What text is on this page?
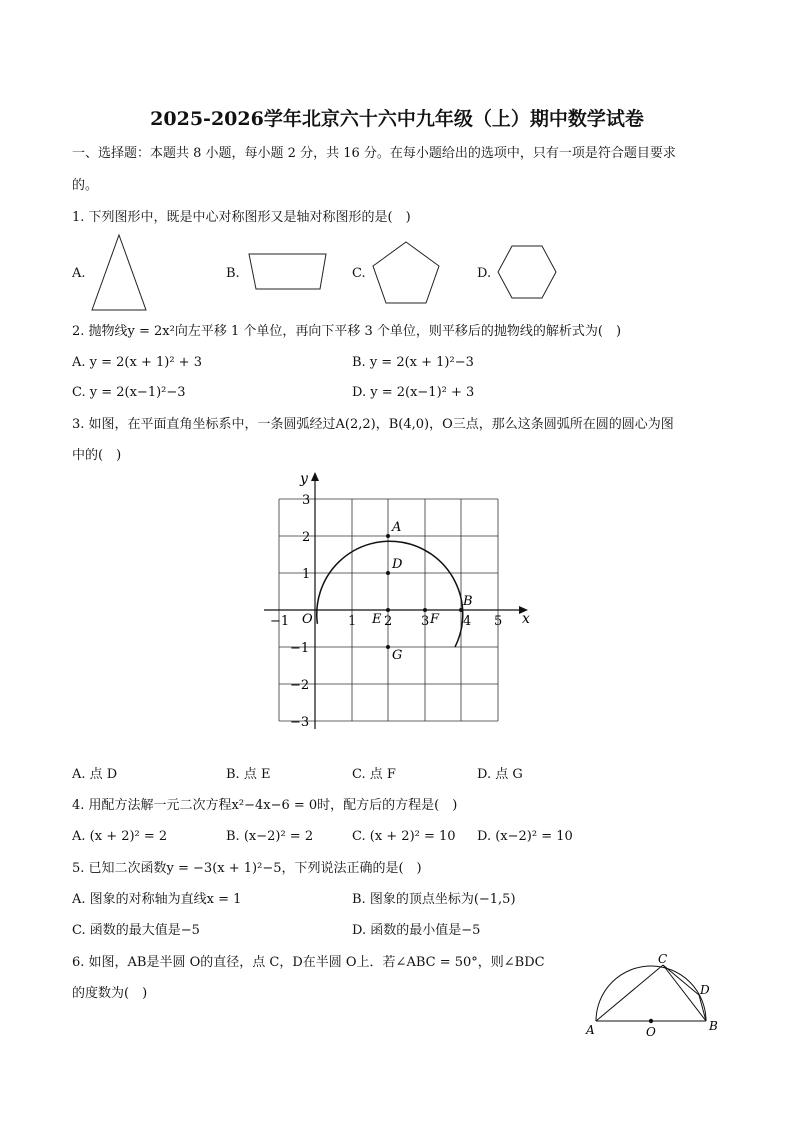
2025-2026学年北京六十六中九年级（上）期中数学试卷
一、选择题：本题共 8 小题，每小题 2 分，共 16 分。在每小题给出的选项中，只有一项是符合题目要求
的。
1. 下列图形中，既是中心对称图形又是轴对称图形的是(　)
A.	B.	C.	D.
2. 抛物线y = 2x²向左平移 1 个单位，再向下平移 3 个单位，则平移后的抛物线的解析式为(　)
A. y = 2(x + 1)² + 3	B. y = 2(x + 1)²−3
C. y = 2(x−1)²−3	D. y = 2(x−1)² + 3
3. 如图，在平面直角坐标系中，一条圆弧经过A(2,2)，B(4,0)，O三点，那么这条圆弧所在圆的圆心为图
中的(　)
−1	1 2 3	4 5
3
2
1
−1
−2
−3
x
y
O
A
D
E	F
B
G
A. 点 D	B. 点 E	C. 点 F	D. 点 G
4. 用配方法解一元二次方程x²−4x−6 = 0时，配方后的方程是(　)
A. (x + 2)² = 2	B. (x−2)² = 2	C. (x + 2)² = 10 D. (x−2)² = 10
5. 已知二次函数y = −3(x + 1)²−5，下列说法正确的是(　)
A. 图象的对称轴为直线x = 1	B. 图象的顶点坐标为(−1,5)
C. 函数的最大值是−5	D. 函数的最小值是−5
6. 如图，AB是半圆 O的直径，点 C，D在半圆 O上．若∠ABC = 50°，则∠BDC
的度数为(　)
A	B
C
D
O
